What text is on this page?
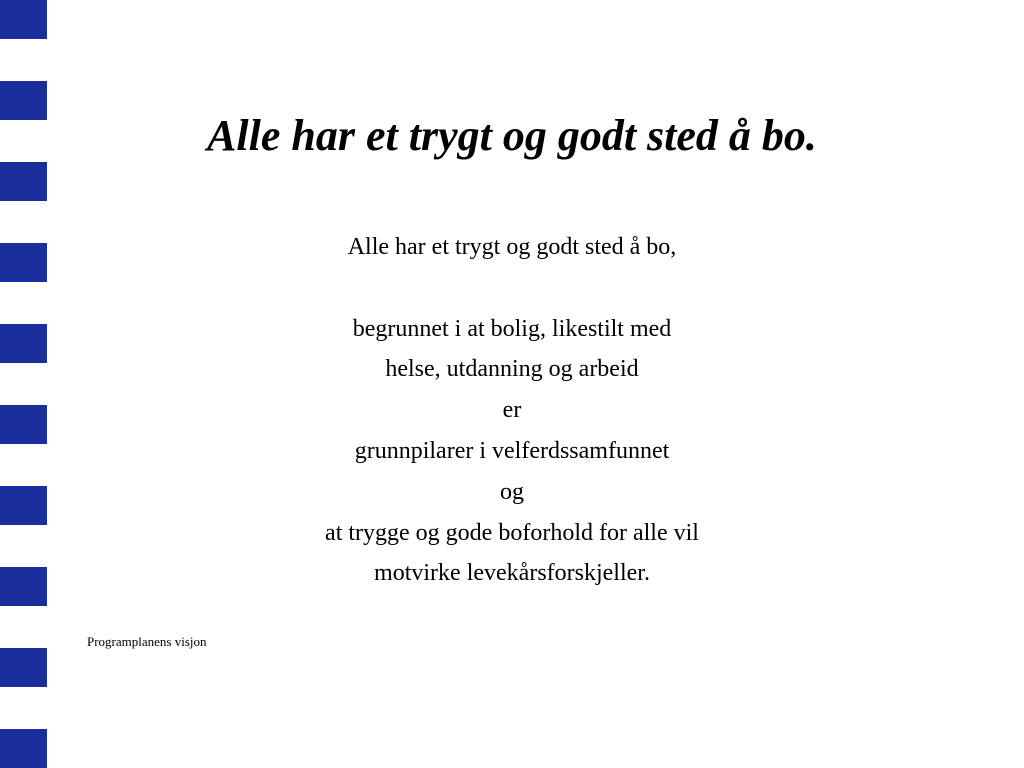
Alle har et trygt og godt sted å bo.
Alle har et trygt og godt sted å bo,
begrunnet i at bolig, likestilt med
helse, utdanning og arbeid
er
grunnpilarer i velferdssamfunnet
og
at trygge og gode boforhold for alle vil
motvirke levekårsforskjeller.
Programplanens visjon
